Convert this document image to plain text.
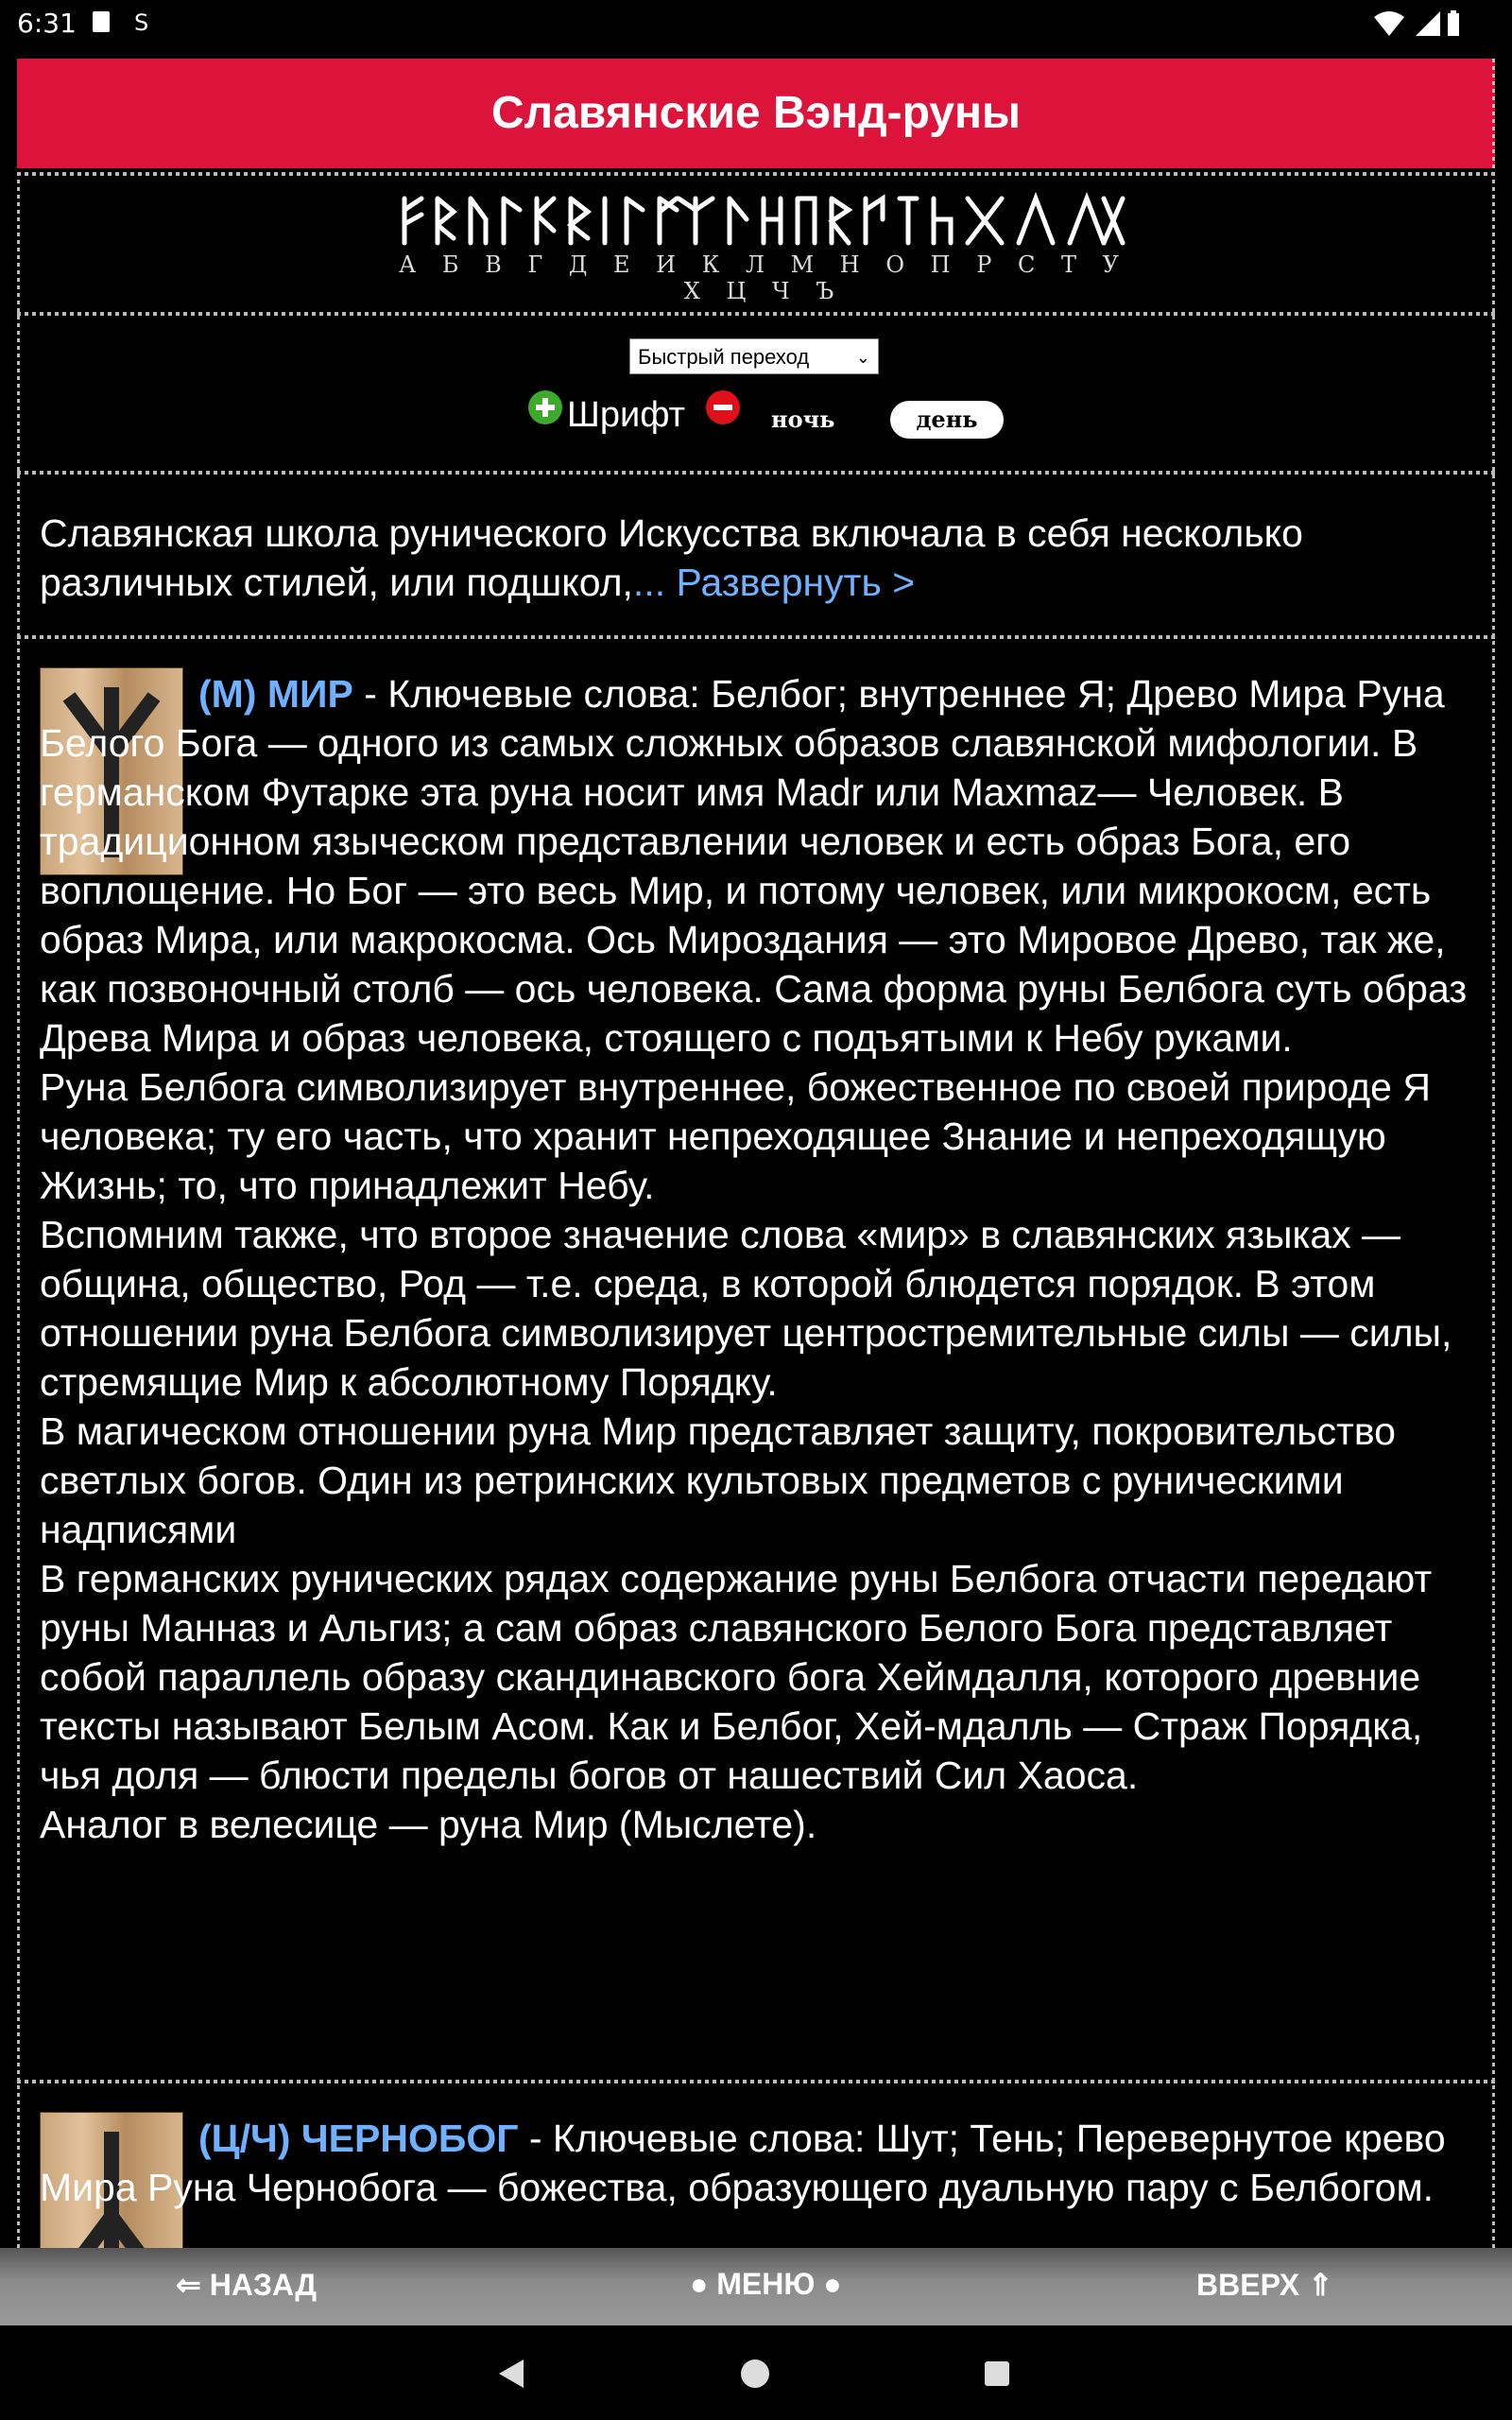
6:31	S
Славянские Вэнд-руны
А Б В Г Д Е И К Л М Н О П Р С Т У Х Ц Ч Ъ
Быстрый переход	⌄
Шрифт	ночь	день
Славянская школа рунического Искусства включала в себя несколько различных стилей, или подшкол,... Развернуть >

(М) МИР - Ключевые слова: Белбог; внутреннее Я; Древо Мира Руна Белого Бога — одного из самых сложных образов славянской мифологии. В германском Футарке эта руна носит имя Madr или Maxmaz— Человек. В традиционном языческом представлении человек и есть образ Бога, его воплощение. Но Бог — это весь Мир, и потому человек, или микрокосм, есть образ Мира, или макрокосма. Ось Мироздания — это Мировое Древо, так же, как позвоночный столб — ось человека. Сама форма руны Белбога суть образ Древа Мира и образ человека, стоящего с подъятыми к Небу руками.

Руна Белбога символизирует внутреннее, божественное по своей природе Я человека; ту его часть, что хранит непреходящее Знание и непреходящую Жизнь; то, что принадлежит Небу.

Вспомним также, что второе значение слова «мир» в славянских языках — община, общество, Род — т.е. среда, в которой блюдется порядок. В этом отношении руна Белбога символизирует центростремительные силы — силы, стремящие Мир к абсолютному Порядку.

В магическом отношении руна Мир представляет защиту, покровительство светлых богов. Один из ретринских культовых предметов с руническими надписями

В германских рунических рядах содержание руны Белбога отчасти передают руны Манназ и Альгиз; а сам образ славянского Белого Бога представляет собой параллель образу скандинавского бога Хеймдалля, которого древние тексты называют Белым Асом. Как и Белбог, Хей-мдалль — Страж Порядка, чья доля — блюсти пределы богов от нашествий Сил Хаоса.

Аналог в велесице — руна Мир (Мыслете).

(Ц/Ч) ЧЕРНОБОГ - Ключевые слова: Шут; Тень; Перевернутое крево Мира Руна Чернобога — божества, образующего дуальную пару с Белбогом.

⇐ НАЗАД	● МЕНЮ ●	ВВЕРХ ⇑
